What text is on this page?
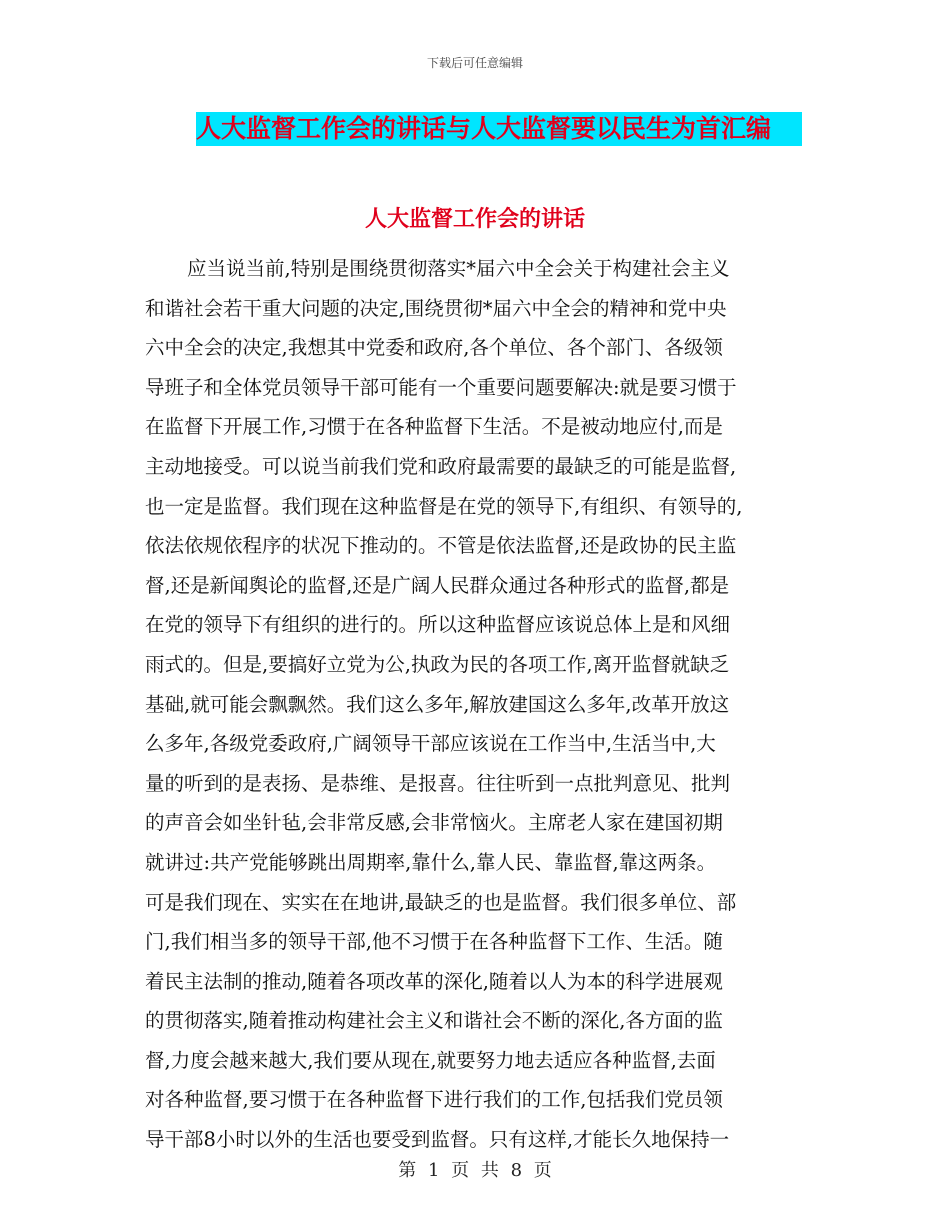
下载后可任意编辑
人大监督工作会的讲话与人大监督要以民生为首汇编
人大监督工作会的讲话
应当说当前,特别是围绕贯彻落实*届六中全会关于构建社会主义
和谐社会若干重大问题的决定,围绕贯彻*届六中全会的精神和党中央
六中全会的决定,我想其中党委和政府,各个单位、各个部门、各级领
导班子和全体党员领导干部可能有一个重要问题要解决:就是要习惯于
在监督下开展工作,习惯于在各种监督下生活。不是被动地应付,而是
主动地接受。可以说当前我们党和政府最需要的最缺乏的可能是监督,
也一定是监督。我们现在这种监督是在党的领导下,有组织、有领导的,
依法依规依程序的状况下推动的。不管是依法监督,还是政协的民主监
督,还是新闻舆论的监督,还是广阔人民群众通过各种形式的监督,都是
在党的领导下有组织的进行的。所以这种监督应该说总体上是和风细
雨式的。但是,要搞好立党为公,执政为民的各项工作,离开监督就缺乏
基础,就可能会飘飘然。我们这么多年,解放建国这么多年,改革开放这
么多年,各级党委政府,广阔领导干部应该说在工作当中,生活当中,大
量的听到的是表扬、是恭维、是报喜。往往听到一点批判意见、批判
的声音会如坐针毡,会非常反感,会非常恼火。主席老人家在建国初期
就讲过:共产党能够跳出周期率,靠什么,靠人民、靠监督,靠这两条。
可是我们现在、实实在在地讲,最缺乏的也是监督。我们很多单位、部
门,我们相当多的领导干部,他不习惯于在各种监督下工作、生活。随
着民主法制的推动,随着各项改革的深化,随着以人为本的科学进展观
的贯彻落实,随着推动构建社会主义和谐社会不断的深化,各方面的监
督,力度会越来越大,我们要从现在,就要努力地去适应各种监督,去面
对各种监督,要习惯于在各种监督下进行我们的工作,包括我们党员领
导干部8小时以外的生活也要受到监督。只有这样,才能长久地保持一
第 1 页 共 8 页
